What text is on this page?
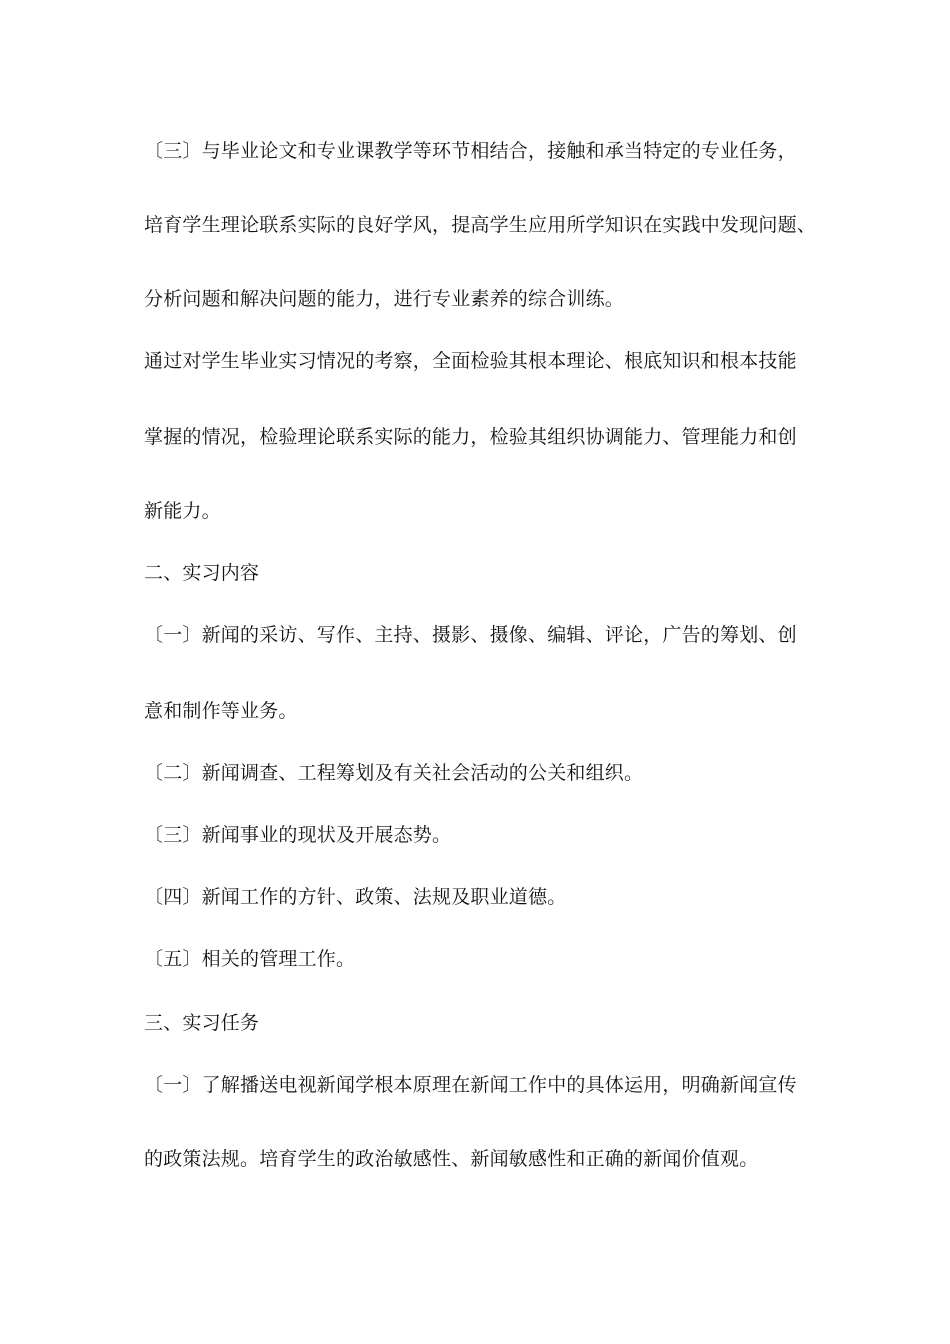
〔三〕与毕业论文和专业课教学等环节相结合，接触和承当特定的专业任务，
培育学生理论联系实际的良好学风，提高学生应用所学知识在实践中发现问题、
分析问题和解决问题的能力，进行专业素养的综合训练。
通过对学生毕业实习情况的考察，全面检验其根本理论、根底知识和根本技能
掌握的情况，检验理论联系实际的能力，检验其组织协调能力、管理能力和创
新能力。
二、实习内容
〔一〕新闻的采访、写作、主持、摄影、摄像、编辑、评论，广告的筹划、创
意和制作等业务。
〔二〕新闻调查、工程筹划及有关社会活动的公关和组织。
〔三〕新闻事业的现状及开展态势。
〔四〕新闻工作的方针、政策、法规及职业道德。
〔五〕相关的管理工作。
三、实习任务
〔一〕了解播送电视新闻学根本原理在新闻工作中的具体运用，明确新闻宣传
的政策法规。培育学生的政治敏感性、新闻敏感性和正确的新闻价值观。
